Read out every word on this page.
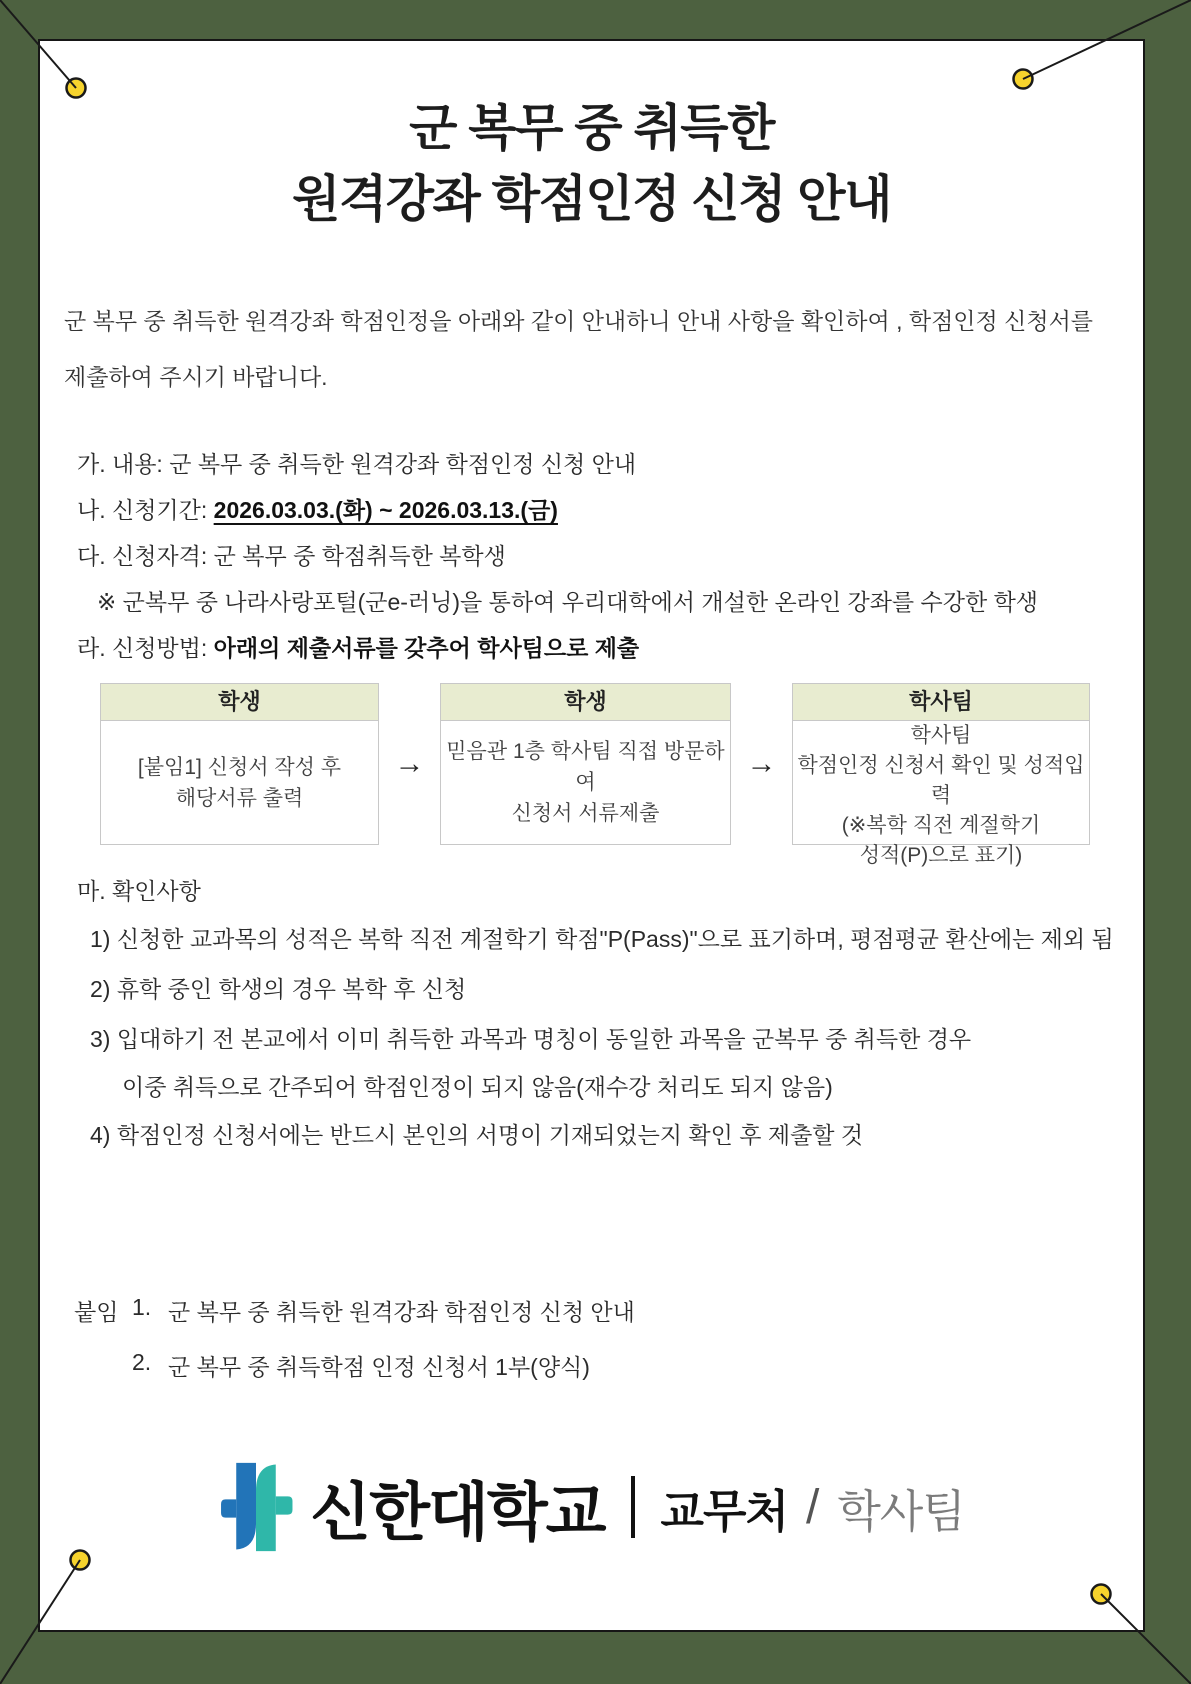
군 복무 중 취득한
원격강좌 학점인정 신청 안내
군 복무 중 취득한 원격강좌 학점인정을 아래와 같이 안내하니 안내 사항을 확인하여 , 학점인정 신청서를
제출하여 주시기 바랍니다.
가. 내용: 군 복무 중 취득한 원격강좌 학점인정 신청 안내
나. 신청기간: 2026.03.03.(화) ~ 2026.03.13.(금)
다. 신청자격: 군 복무 중 학점취득한 복학생
※ 군복무 중 나라사랑포털(군e-러닝)을 통하여 우리대학에서 개설한 온라인 강좌를 수강한 학생
라. 신청방법: 아래의 제출서류를 갖추어 학사팀으로 제출
학생
[붙임1] 신청서 작성 후
해당서류 출력
→
학생
믿음관 1층 학사팀 직접 방문하여
신청서 서류제출
→
학사팀
학사팀
학점인정 신청서 확인 및 성적입력
(※복학 직전 계절학기
성적(P)으로 표기)
마. 확인사항
1) 신청한 교과목의 성적은 복학 직전 계절학기 학점"P(Pass)"으로 표기하며, 평점평균 환산에는 제외 됨
2) 휴학 중인 학생의 경우 복학 후 신청
3) 입대하기 전 본교에서 이미 취득한 과목과 명칭이 동일한 과목을 군복무 중 취득한 경우
이중 취득으로 간주되어 학점인정이 되지 않음(재수강 처리도 되지 않음)
4) 학점인정 신청서에는 반드시 본인의 서명이 기재되었는지 확인 후 제출할 것
붙임 1. 군 복무 중 취득한 원격강좌 학점인정 신청 안내
2. 군 복무 중 취득학점 인정 신청서 1부(양식)
신한대학교 교무처 / 학사팀
